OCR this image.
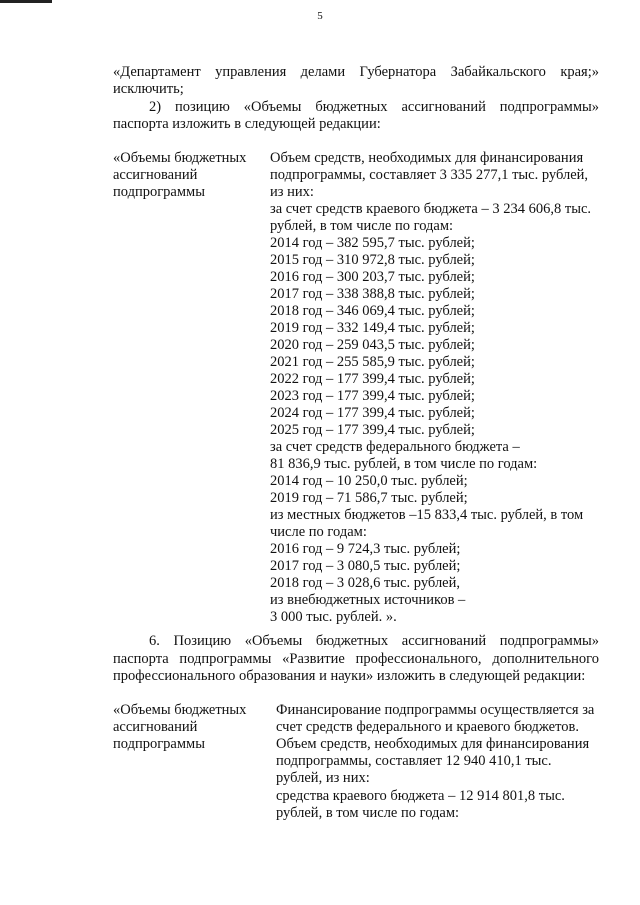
5
«Департамент управления делами Губернатора Забайкальского края;»
исключить;
2) позицию «Объемы бюджетных ассигнований подпрограммы»
паспорта изложить в следующей редакции:
«Объемы бюджетных
ассигнований
подпрограммы
Объем средств, необходимых для финансирования
подпрограммы, составляет 3 335 277,1 тыс. рублей,
из них:
за счет средств краевого бюджета – 3 234 606,8 тыс.
рублей, в том числе по годам:
2014 год – 382 595,7 тыс. рублей;
2015 год – 310 972,8 тыс. рублей;
2016 год – 300 203,7 тыс. рублей;
2017 год – 338 388,8 тыс. рублей;
2018 год – 346 069,4 тыс. рублей;
2019 год – 332 149,4 тыс. рублей;
2020 год – 259 043,5 тыс. рублей;
2021 год – 255 585,9 тыс. рублей;
2022 год – 177 399,4 тыс. рублей;
2023 год – 177 399,4 тыс. рублей;
2024 год – 177 399,4 тыс. рублей;
2025 год – 177 399,4 тыс. рублей;
за счет средств федерального бюджета –
81 836,9 тыс. рублей, в том числе по годам:
2014 год – 10 250,0 тыс. рублей;
2019 год – 71 586,7 тыс. рублей;
из местных бюджетов –15 833,4 тыс. рублей, в том
числе по годам:
2016 год – 9 724,3 тыс. рублей;
2017 год – 3 080,5 тыс. рублей;
2018 год – 3 028,6 тыс. рублей,
из внебюджетных источников –
3 000 тыс. рублей. ».
6. Позицию «Объемы бюджетных ассигнований подпрограммы»
паспорта подпрограммы «Развитие профессионального, дополнительного
профессионального образования и науки» изложить в следующей редакции:
«Объемы бюджетных
ассигнований
подпрограммы
Финансирование подпрограммы осуществляется за
счет средств федерального и краевого бюджетов.
Объем средств, необходимых для финансирования
подпрограммы, составляет 12 940 410,1 тыс.
рублей, из них:
средства краевого бюджета – 12 914 801,8 тыс.
рублей, в том числе по годам:
